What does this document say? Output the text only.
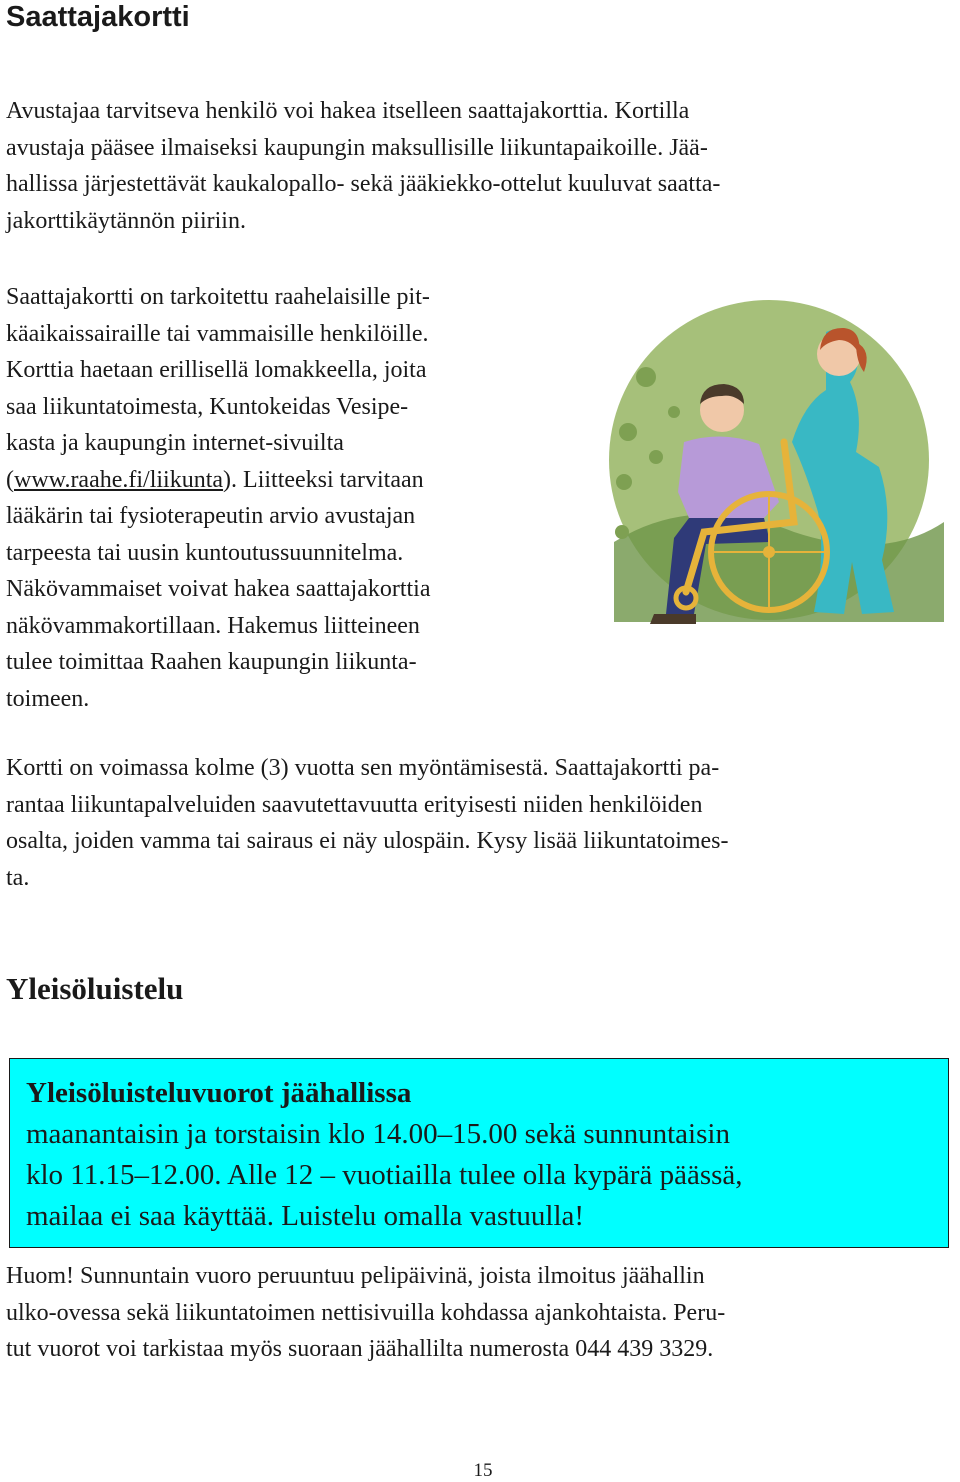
Saattajakortti

Avustajaa tarvitseva henkilö voi hakea itselleen saattajakorttia. Kortilla
avustaja pääsee ilmaiseksi kaupungin maksullisille liikuntapaikoille. Jää-
hallissa järjestettävät kaukalopallo- sekä jääkiekko-ottelut kuuluvat saatta-
jakorttikäytännön piiriin.

Saattajakortti on tarkoitettu raahelaisille pit-
käaikaissairaille tai vammaisille henkilöille.
Korttia haetaan erillisellä lomakkeella, joita
saa liikuntatoimesta, Kuntokeidas Vesipe-
kasta ja kaupungin internet-sivuilta
(www.raahe.fi/liikunta). Liitteeksi tarvitaan
lääkärin tai fysioterapeutin arvio avustajan
tarpeesta tai uusin kuntoutussuunnitelma.
Näkövammaiset voivat hakea saattajakorttia
näkövammakortillaan. Hakemus liitteineen
tulee toimittaa Raahen kaupungin liikunta-
toimeen.

Kortti on voimassa kolme (3) vuotta sen myöntämisestä. Saattajakortti pa-
rantaa liikuntapalveluiden saavutettavuutta erityisesti niiden henkilöiden
osalta, joiden vamma tai sairaus ei näy ulospäin. Kysy lisää liikuntatoimes-
ta.

Yleisöluistelu
Yleisöluisteluvuorot jäähallissa
maanantaisin ja torstaisin klo 14.00–15.00 sekä sunnuntaisin
klo 11.15–12.00. Alle 12 – vuotiailla tulee olla kypärä päässä,
mailaa ei saa käyttää. Luistelu omalla vastuulla!

Huom! Sunnuntain vuoro peruuntuu pelipäivinä, joista ilmoitus jäähallin
ulko-ovessa sekä liikuntatoimen nettisivuilla kohdassa ajankohtaista. Peru-
tut vuorot voi tarkistaa myös suoraan jäähallilta numerosta 044 439 3329.

15
